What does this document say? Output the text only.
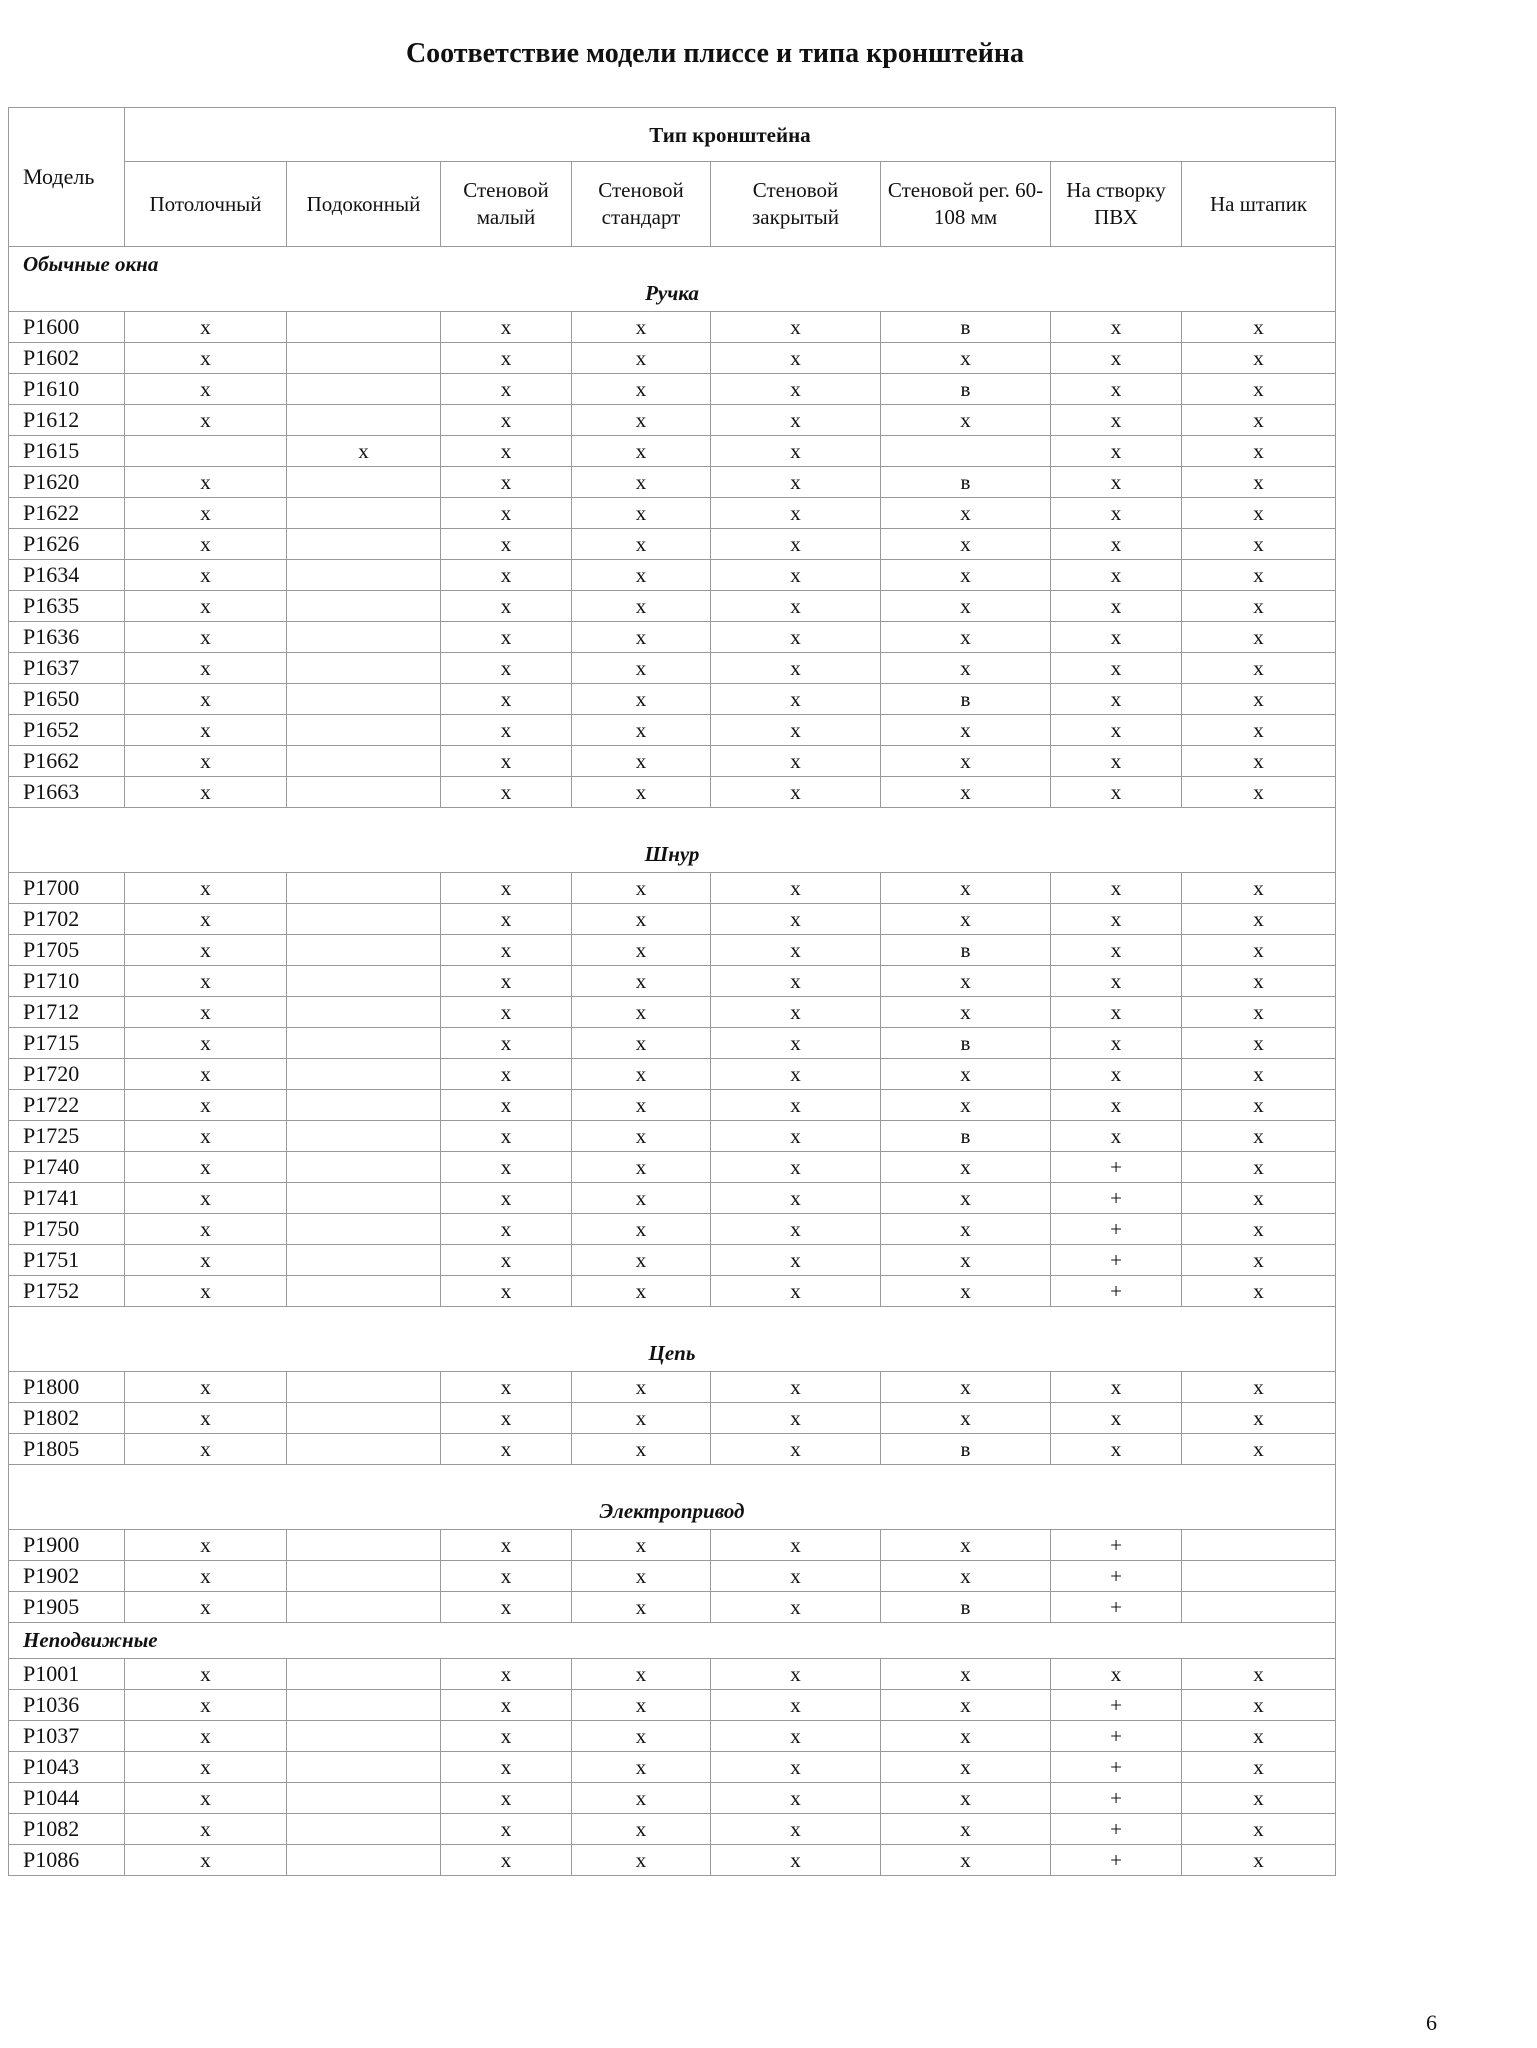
Соответствие модели плиссе и типа кронштейна
Модель	Тип кронштейна							
	Потолочный	Подоконный	Стеновой малый	Стеновой стандарт	Стеновой закрытый	Стеновой рег. 60-108 мм	На створку ПВХ	На штапик

Обычные окна
Ручка								

P1600	x		x	x	x	в	x	x
P1602	x		x	x	x	x	x	x
P1610	x		x	x	x	в	x	x
P1612	x		x	x	x	x	x	x
P1615		x	x	x	x		x	x
P1620	x		x	x	x	в	x	x
P1622	x		x	x	x	x	x	x
P1626	x		x	x	x	x	x	x
P1634	x		x	x	x	x	x	x
P1635	x		x	x	x	x	x	x
P1636	x		x	x	x	x	x	x
P1637	x		x	x	x	x	x	x
P1650	x		x	x	x	в	x	x
P1652	x		x	x	x	x	x	x
P1662	x		x	x	x	x	x	x
P1663	x		x	x	x	x	x	x

Шнур								

P1700	x		x	x	x	x	x	x
P1702	x		x	x	x	x	x	x
P1705	x		x	x	x	в	x	x
P1710	x		x	x	x	x	x	x
P1712	x		x	x	x	x	x	x
P1715	x		x	x	x	в	x	x
P1720	x		x	x	x	x	x	x
P1722	x		x	x	x	x	x	x
P1725	x		x	x	x	в	x	x
P1740	x		x	x	x	x	+	x
P1741	x		x	x	x	x	+	x
P1750	x		x	x	x	x	+	x
P1751	x		x	x	x	x	+	x
P1752	x		x	x	x	x	+	x

Цепь								

P1800	x		x	x	x	x	x	x
P1802	x		x	x	x	x	x	x
P1805	x		x	x	x	в	x	x

Электропривод								

P1900	x		x	x	x	x	+	
P1902	x		x	x	x	x	+	
P1905	x		x	x	x	в	+	

Неподвижные								

P1001	x		x	x	x	x	x	x
P1036	x		x	x	x	x	+	x
P1037	x		x	x	x	x	+	x
P1043	x		x	x	x	x	+	x
P1044	x		x	x	x	x	+	x
P1082	x		x	x	x	x	+	x
P1086	x		x	x	x	x	+	x

6
